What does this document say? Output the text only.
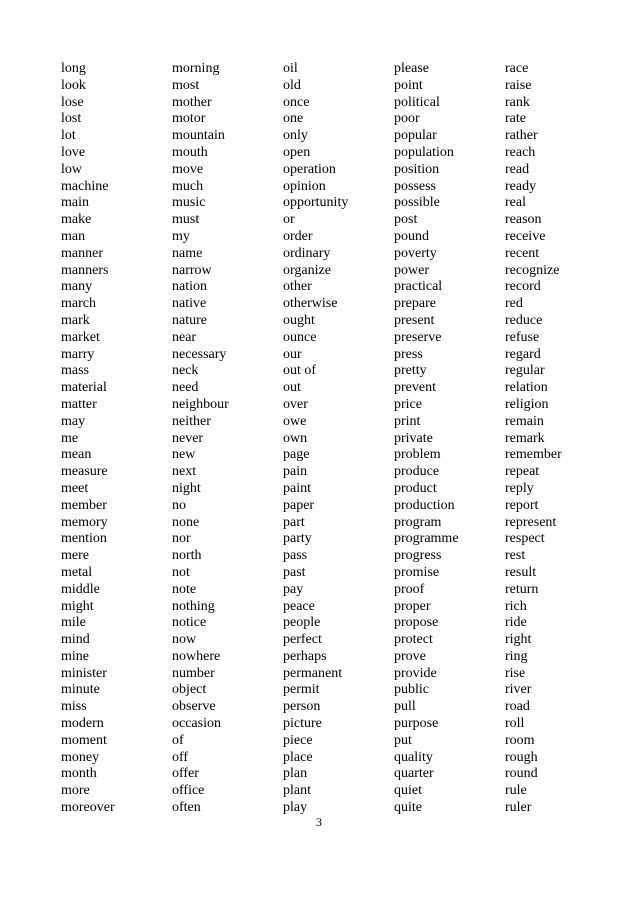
long
look
lose
lost
lot
love
low
machine
main
make
man
manner
manners
many
march
mark
market
marry
mass
material
matter
may
me
mean
measure
meet
member
memory
mention
mere
metal
middle
might
mile
mind
mine
minister
minute
miss
modern
moment
money
month
more
moreover
morning
most
mother
motor
mountain
mouth
move
much
music
must
my
name
narrow
nation
native
nature
near
necessary
neck
need
neighbour
neither
never
new
next
night
no
none
nor
north
not
note
nothing
notice
now
nowhere
number
object
observe
occasion
of
off
offer
office
often
oil
old
once
one
only
open
operation
opinion
opportunity
or
order
ordinary
organize
other
otherwise
ought
ounce
our
out of
out
over
owe
own
page
pain
paint
paper
part
party
pass
past
pay
peace
people
perfect
perhaps
permanent
permit
person
picture
piece
place
plan
plant
play
please
point
political
poor
popular
population
position
possess
possible
post
pound
poverty
power
practical
prepare
present
preserve
press
pretty
prevent
price
print
private
problem
produce
product
production
program
programme
progress
promise
proof
proper
propose
protect
prove
provide
public
pull
purpose
put
quality
quarter
quiet
quite
race
raise
rank
rate
rather
reach
read
ready
real
reason
receive
recent
recognize
record
red
reduce
refuse
regard
regular
relation
religion
remain
remark
remember
repeat
reply
report
represent
respect
rest
result
return
rich
ride
right
ring
rise
river
road
roll
room
rough
round
rule
ruler
3
